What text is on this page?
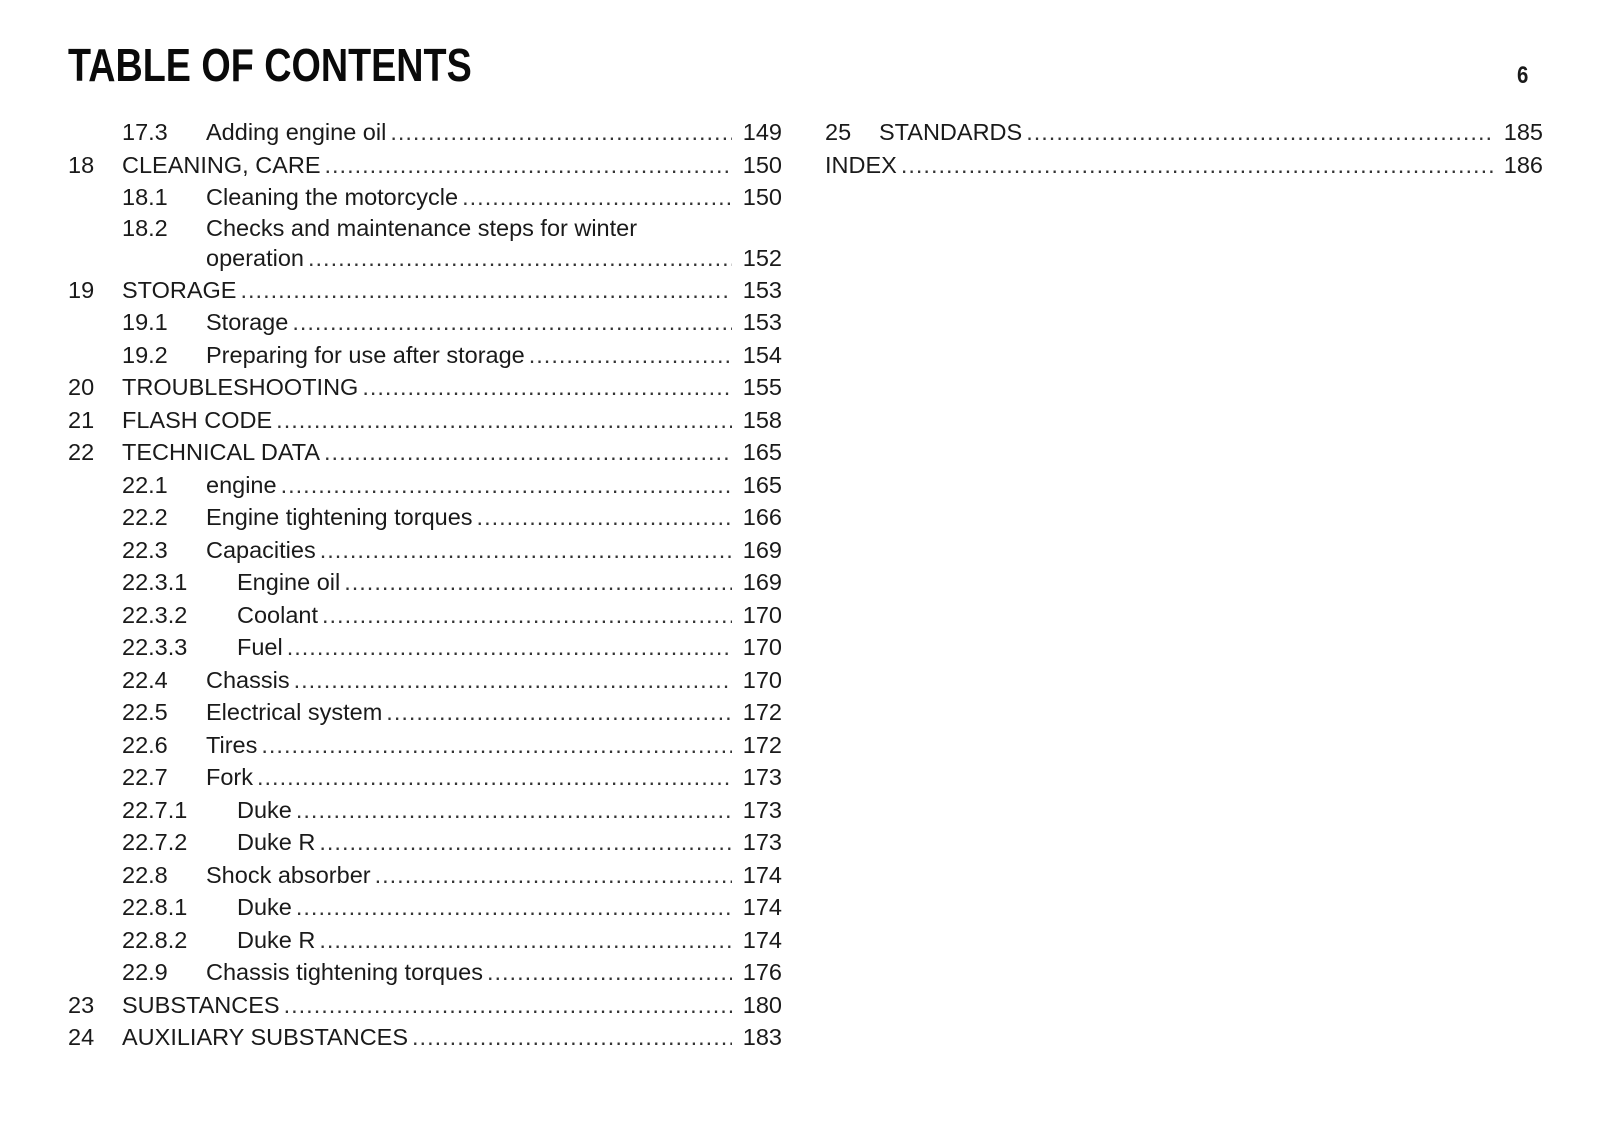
TABLE OF CONTENTS	6
17.3	Adding engine oil .....	149
18	CLEANING, CARE .....	150
18.1	Cleaning the motorcycle .....	150
18.2	Checks and maintenance steps for winter
operation .....	152
19	STORAGE .....	153
19.1	Storage .....	153
19.2	Preparing for use after storage .....	154
20	TROUBLESHOOTING .....	155
21	FLASH CODE .....	158
22	TECHNICAL DATA .....	165
22.1	engine .....	165
22.2	Engine tightening torques .....	166
22.3	Capacities .....	169
22.3.1	Engine oil .....	169
22.3.2	Coolant .....	170
22.3.3	Fuel .....	170
22.4	Chassis .....	170
22.5	Electrical system .....	172
22.6	Tires .....	172
22.7	Fork .....	173
22.7.1	Duke .....	173
22.7.2	Duke R .....	173
22.8	Shock absorber .....	174
22.8.1	Duke .....	174
22.8.2	Duke R .....	174
22.9	Chassis tightening torques .....	176
23	SUBSTANCES .....	180
24	AUXILIARY SUBSTANCES .....	183
25	STANDARDS .....	185
INDEX .....	186
